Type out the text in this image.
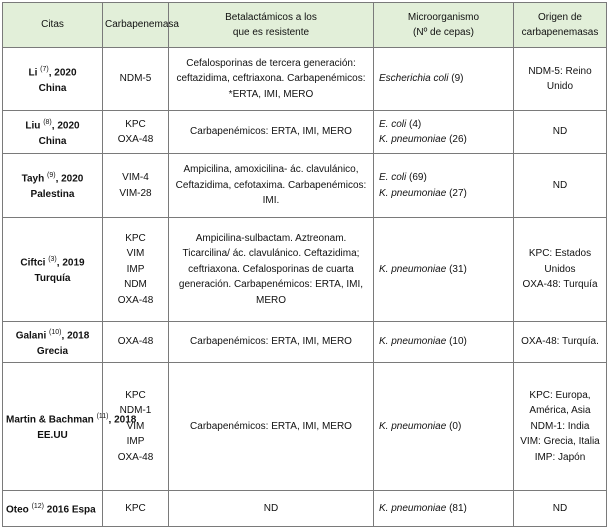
Citas	Carbapenemasa	Betalactámicos a los
que es resistente	Microorganismo
(Nº de cepas)	Origen de
carbapenemasas

Li $^{(7)}$, 2020
China	NDM-5	Cefalosporinas de tercera generación:
ceftazidima, ceftriaxona. Carbapenémicos:
*ERTA, IMI, MERO	Escherichia coli (9)	NDM-5: Reino
Unido

Liu $^{(8)}$, 2020
China	KPC
OXA-48	Carbapenémicos: ERTA, IMI, MERO	E. coli (4)
K. pneumoniae (26)	ND

Tayh $^{(9)}$, 2020
Palestina	VIM-4
VIM-28	Ampicilina, amoxicilina- ác. clavulánico,
Ceftazidima, cefotaxima. Carbapenémicos:
IMI.	E. coli (69)
K. pneumoniae (27)	ND

Ciftci $^{(3)}$, 2019
Turquía	KPC
VIM
IMP
NDM
OXA-48	Ampicilina-sulbactam. Aztreonam.
Ticarcilina/ ác. clavulánico. Ceftazidima;
ceftriaxona. Cefalosporinas de cuarta
generación. Carbapenémicos: ERTA, IMI,
MERO	K. pneumoniae (31)	KPC: Estados
Unidos
OXA-48: Turquía

Galani $^{(10)}$, 2018
Grecia	OXA-48	Carbapenémicos: ERTA, IMI, MERO	K. pneumoniae (10)	OXA-48: Turquía.

Martin & Bachman $^{(11)}$, 2018
EE.UU	KPC
NDM-1
VIM
IMP
OXA-48	Carbapenémicos: ERTA, IMI, MERO	K. pneumoniae (0)	KPC: Europa,
América, Asia
NDM-1: India
VIM: Grecia, Italia
IMP: Japón

Oteo $^{(12)}$ 2016 Espa	KPC	ND	K. pneumoniae (81)	ND
